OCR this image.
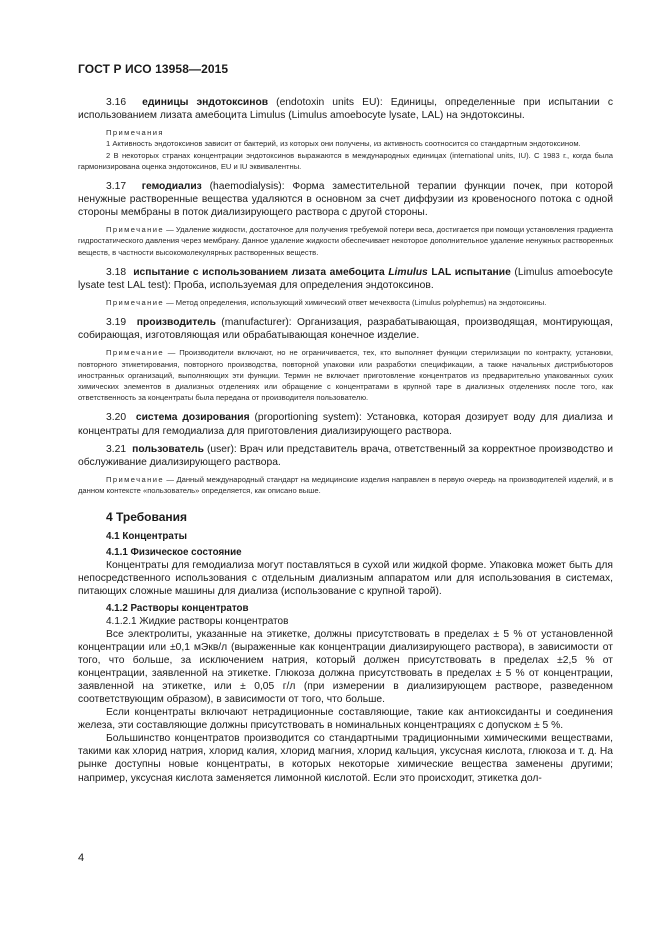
ГОСТ Р ИСО 13958—2015

3.16 единицы эндотоксинов (endotoxin units EU): Единицы, определенные при испытании с использованием лизата амебоцита Limulus (Limulus amoebocyte lysate, LAL) на эндотоксины.

Примечания

1 Активность эндотоксинов зависит от бактерий, из которых они получены, из активность соотносится со стандартным эндотоксином.

2 В некоторых странах концентрации эндотоксинов выражаются в международных единицах (international units, IU). С 1983 г., когда была гармонизирована оценка эндотоксинов, EU и IU эквивалентны.

3.17 гемодиализ (haemodialysis): Форма заместительной терапии функции почек, при которой ненужные растворенные вещества удаляются в основном за счет диффузии из кровеносного потока с одной стороны мембраны в поток диализирующего раствора с другой стороны.

Примечание — Удаление жидкости, достаточное для получения требуемой потери веса, достигается при помощи установления градиента гидростатического давления через мембрану. Данное удаление жидкости обеспечивает некоторое дополнительное удаление ненужных растворенных веществ, в частности высокомолекулярных растворенных веществ.

3.18 испытание с использованием лизата амебоцита Limulus LAL испытание (Limulus amoebocyte lysate test LAL test): Проба, используемая для определения эндотоксинов.

Примечание — Метод определения, использующий химический ответ мечехвоста (Limulus polyphemus) на эндотоксины.

3.19 производитель (manufacturer): Организация, разрабатывающая, производящая, монтирующая, собирающая, изготовляющая или обрабатывающая конечное изделие.

Примечание — Производители включают, но не ограничивается, тех, кто выполняет функции стерилизации по контракту, установки, повторного этикетирования, повторного производства, повторной упаковки или разработки спецификации, а также начальных дистрибьюторов иностранных организаций, выполняющих эти функции. Термин не включает приготовление концентратов из предварительно упакованных сухих химических элементов в диализных отделениях или обращение с концентратами в крупной таре в диализных отделениях после того, как ответственность за концентраты была передана от производителя пользователю.

3.20 система дозирования (proportioning system): Установка, которая дозирует воду для диализа и концентраты для гемодиализа для приготовления диализирующего раствора.

3.21 пользователь (user): Врач или представитель врача, ответственный за корректное производство и обслуживание диализирующего раствора.

Примечание — Данный международный стандарт на медицинские изделия направлен в первую очередь на производителей изделий, и в данном контексте «пользователь» определяется, как описано выше.

4 Требования
4.1 Концентраты
4.1.1 Физическое состояние

Концентраты для гемодиализа могут поставляться в сухой или жидкой форме. Упаковка может быть для непосредственного использования с отдельным диализным аппаратом или для использования в системах, питающих сложные машины для диализа (использование с крупной тарой).

4.1.2 Растворы концентратов
4.1.2.1 Жидкие растворы концентратов

Все электролиты, указанные на этикетке, должны присутствовать в пределах ± 5 % от установленной концентрации или ±0,1 мЭкв/л (выраженные как концентрации диализирующего раствора), в зависимости от того, что больше, за исключением натрия, который должен присутствовать в пределах ±2,5 % от концентрации, заявленной на этикетке. Глюкоза должна присутствовать в пределах ± 5 % от концентрации, заявленной на этикетке, или ± 0,05 г/л (при измерении в диализирующем растворе, разведенном соответствующим образом), в зависимости от того, что больше.

Если концентраты включают нетрадиционные составляющие, такие как антиоксиданты и соединения железа, эти составляющие должны присутствовать в номинальных концентрациях с допуском ± 5 %.

Большинство концентратов производится со стандартными традиционными химическими веществами, такими как хлорид натрия, хлорид калия, хлорид магния, хлорид кальция, уксусная кислота, глюкоза и т. д. На рынке доступны новые концентраты, в которых некоторые химические вещества заменены другими; например, уксусная кислота заменяется лимонной кислотой. Если это происходит, этикетка дол-

4
